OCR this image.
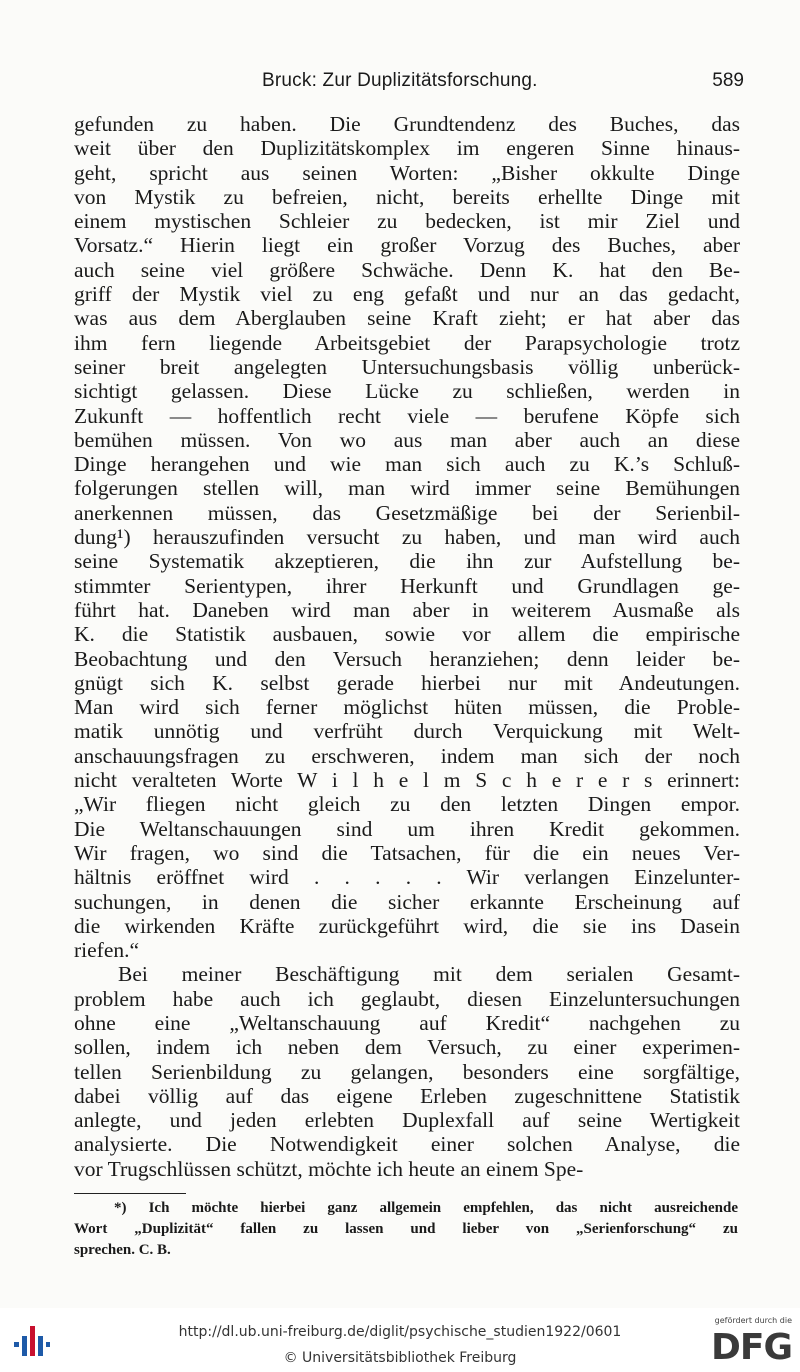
Bruck: Zur Duplizitätsforschung.	589
gefunden zu haben. Die Grundtendenz des Buches, das
weit über den Duplizitätskomplex im engeren Sinne hinaus-
geht, spricht aus seinen Worten: „Bisher okkulte Dinge
von Mystik zu befreien, nicht, bereits erhellte Dinge mit
einem mystischen Schleier zu bedecken, ist mir Ziel und
Vorsatz.“ Hierin liegt ein großer Vorzug des Buches, aber
auch seine viel größere Schwäche. Denn K. hat den Be-
griff der Mystik viel zu eng gefaßt und nur an das gedacht,
was aus dem Aberglauben seine Kraft zieht; er hat aber das
ihm fern liegende Arbeitsgebiet der Parapsychologie trotz
seiner breit angelegten Untersuchungsbasis völlig unberück-
sichtigt gelassen. Diese Lücke zu schließen, werden in
Zukunft — hoffentlich recht viele — berufene Köpfe sich
bemühen müssen. Von wo aus man aber auch an diese
Dinge herangehen und wie man sich auch zu K.’s Schluß-
folgerungen stellen will, man wird immer seine Bemühungen
anerkennen müssen, das Gesetzmäßige bei der Serienbil-
dung¹) herauszufinden versucht zu haben, und man wird auch
seine Systematik akzeptieren, die ihn zur Aufstellung be-
stimmter Serientypen, ihrer Herkunft und Grundlagen ge-
führt hat. Daneben wird man aber in weiterem Ausmaße als
K. die Statistik ausbauen, sowie vor allem die empirische
Beobachtung und den Versuch heranziehen; denn leider be-
gnügt sich K. selbst gerade hierbei nur mit Andeutungen.
Man wird sich ferner möglichst hüten müssen, die Proble-
matik unnötig und verfrüht durch Verquickung mit Welt-
anschauungsfragen zu erschweren, indem man sich der noch
nicht veralteten Worte W i l h e l m S c h e r e r s erinnert:
„Wir fliegen nicht gleich zu den letzten Dingen empor.
Die Weltanschauungen sind um ihren Kredit gekommen.
Wir fragen, wo sind die Tatsachen, für die ein neues Ver-
hältnis eröffnet wird . . . . . Wir verlangen Einzelunter-
suchungen, in denen die sicher erkannte Erscheinung auf
die wirkenden Kräfte zurückgeführt wird, die sie ins Dasein
riefen.“
Bei meiner Beschäftigung mit dem serialen Gesamt-
problem habe auch ich geglaubt, diesen Einzeluntersuchungen
ohne eine „Weltanschauung auf Kredit“ nachgehen zu
sollen, indem ich neben dem Versuch, zu einer experimen-
tellen Serienbildung zu gelangen, besonders eine sorgfältige,
dabei völlig auf das eigene Erleben zugeschnittene Statistik
anlegte, und jeden erlebten Duplexfall auf seine Wertigkeit
analysierte. Die Notwendigkeit einer solchen Analyse, die
vor Trugschlüssen schützt, möchte ich heute an einem Spe-
*) Ich möchte hierbei ganz allgemein empfehlen, das nicht ausreichende
Wort „Duplizität“ fallen zu lassen und lieber von „Serienforschung“ zu
sprechen. C. B.
http://dl.ub.uni-freiburg.de/diglit/psychische_studien1922/0601
© Universitätsbibliothek Freiburg
gefördert durch die
DFG
